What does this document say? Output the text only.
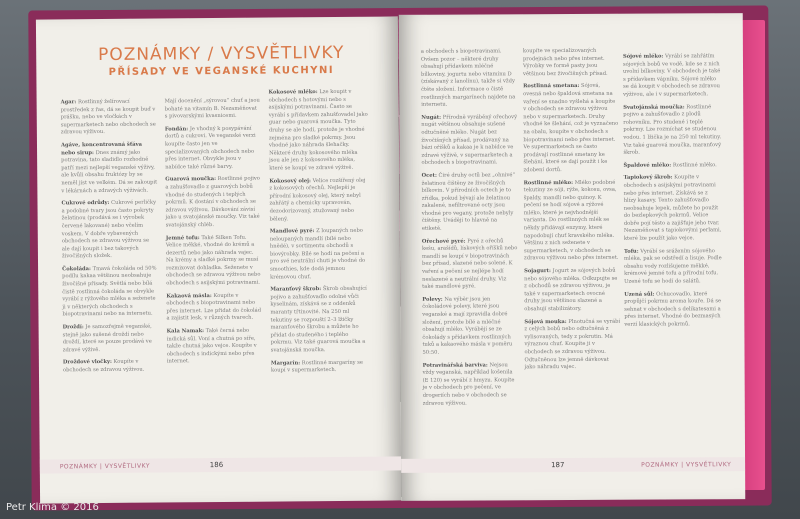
POZNÁMKY / VYSVĚTLIVKY
PŘÍSADY VE VEGANSKÉ KUCHYNI

Agar: Rostlinný želírovací prostředek z řas, dá se koupit buď v prášku, nebo ve vločkách v supermarketech nebo obchodech se zdravou výživou.

Agáve, koncentrovaná šťáva nebo sirup: Dnes známý jako potravina, tato sladidlo rozhodně patří mezi nejlepší veganské výživy, ale kvůli obsahu fruktózy by se neměl jíst ve velkém. Dá se zakoupit v lékárnách a zdravých výživách.

Cukrové odrůdy: Cukrové perličky a podobné tvary jsou často pokryty želatinou (prodává se i výrobek červené lakované) nebo včelím voskem. V dobře vybavených obchodech se zdravou výživou se ale dají koupit i bez takových živočišných složek.

Čokoláda: Tmavá čokoláda od 50% podílu kakaa většinou neobsahuje živočišné přísady. Světlá nebo bílá čistě rostlinná čokoláda se obvykle vyrábí z rýžového mléka a seženete ji v některých obchodech s biopotravinami nebo na internetu.

Droždí: Je samozřejmě veganské, stejně jako sušené droždí nebo droždí, které se pouze prodává ve zdravé výživě.

Droždové vločky: Koupíte v obchodech se zdravou výživou.

Mají docenění „sýrovou“ chuť a jsou bohaté na vitamín B. Nezaměňovat s pivovarskými kvasnicemi.

Fondán: Je vhodný k posypávání dortů a cukrovi. Ve veganské verzi koupíte často jen ve specializovaných obchodech nebo přes internet. Obvykle jsou v nabídce také různé barvy.

Guarová moučka: Rostlinné pojivo a zahušťovadlo z guarových bobů vhodné do studených i teplých pokrmů. K dostání v obchodech se zdravou výživou. Dávkování závisí jako u svatojánské moučky. Viz také svatojánský chléb.

Jemné tofu: Také Silken Tofu. Velice měkké, vhodné do krémů a dezertů nebo jako náhrada vajec. Na krémy a sladké pokrmy se musí rozmixovat dohladka. Seženete v obchodech se zdravou výživou nebo obchodech s asijskými potravinami.

Kakaová másla: Koupíte v obchodech s biopotravinami nebo přes internet. Lze přidat do čokolád a zajistit lesk, v různých tvarech.

Kala Namak: Také černá nebo indická sůl. Voní a chutná po síře, takže chutná jako vejce. Koupíte v obchodech s indickými nebo přes internet.

Kokosové mléko: Lze koupit v obchodech s hotovými nebo s asijskými potravinami. Často se vyrábí s přídavkem zahušťovadel jako guar nebo guarová moučka. Tyto druhy se ale hodí, protože je vhodné zejména pro sladké pokrmy. Jsou vhodné jako náhrada šlehačky. Některé druhy kokosového mléka jsou ale jen z kokosového mléka, které se koupí ve zdravé výživě.

Kokosový olej: Velice rozšířený olej z kokosových ořechů. Nejlepší je přírodní kokosový olej, který nebyl zahřátý a chemicky upravován, dezodorizovaný, ztužovaný nebo bělený.

Mandlové pyré: Z loupaných nebo neloupaných mandlí (bílé nebo hnědé), v sortimentu obchodů s biovýrobky. Bílé se hodí na pečení a pro své neutrální chuti je vhodné do smoothies, kde dodá jemnou krémovou chuť.

Maranťový škrob: Škrob obsahující pojivo a zahušťovadlo odolné vůči kyselinám, získává se z oddenků maranty třtinovité. Na 250 ml tekutiny se rozpouští 2–3 lžičky maranťového škrobu a můžete ho přidat do studeného i teplého pokrmu. Viz také guarová moučka a svatojánská moučka.

Margarín: Rostlinné margaríny se koupí v supermarketech.

POZNÁMKY | VYSVĚTLIVKY	186

a obchodech s biopotravinami. Ovšem pozor – některé druhy obsahují přídavkem mléčné bílkoviny, jogurtu nebo vitamínu D (získávaný z lanolínu), takže si vždy čtěte složení. Informace o čistě rostlinných margarínech najdete na internetu.

Nugát: Přírodně vyráběný ořechový nugát většinou obsahuje sušené odtučněné mléko. Nugát bez živočišných přísad, prodávaný na bázi oříšků a kakaa je k nabídce ve zdravé výživě, v supermarketech a obchodech s biopotravinami.

Ocet: Čiré druhy octů bez „ohnivé“ želatinou čištěny ze živočišných bílkovin. V přírodních octech je to zřídka, pokud bývají ale želatinou zakalené, nefiltrované octy jsou vhodné pro vegany, protože nebyly čištěny. Uvádějí to hlavně na etiketě.

Ořechové pyré: Pyré z ořechů kešu, arašídů, lískových oříšků nebo mandlí se koupí v biopotravinách bez přísad, slazené nebo solené. K vaření a pečení se nejlépe hodí neslazené a neutrální druhy. Viz také mandlové pyré.

Polevy: Na výběr jsou jen čokoládové polevy, které jsou veganské a mají zpravidla dobré složení, protože bílé a mléčné obsahují mléko. Vyrábějí se ze čokolády s přídavkem rostlinných tuků a kakaového másla v poměru 50:50.

Potravinářská barviva: Nejsou vždy veganská, například košenila (E 120) se vyrábí z hmyzu. Koupíte je v obchodech pro pečení, ve drogeriích nebo v obchodech se zdravou výživou.

koupíte ve specializovaných prodejnách nebo přes internet. Výrobky ve formě pasty jsou většinou bez živočišných přísad.

Rostlinná smetana: Sójová, ovesná nebo špaldová smetana na vaření se snadno vyšlehá a koupíte v obchodech se zdravou výživou nebo v supermarketech. Druhy vhodné ke šlehání, což je vyznačeno na obalu, koupíte v obchodech s biopotravinami nebo přes internet. Ve supermarketech se často prodávají rostlinné smetany ke šlehání, které se dají použít i ke zdobení dortů.

Rostlinné mléko: Mléko podobné tekutiny ze sóji, rýže, kokosu, ovsa, špaldy, mandlí nebo quinoy. K pečení se hodí sójové a rýžové mléko, které je nejvhodnější varianta. Do rostlinných mlék se někdy přidávají enzymy, které napodobují chuť kravského mléka. Většinu z nich seženete v supermarketech, v obchodech se zdravou výživou nebo přes internet.

Sojagurt: Jogurt ze sójových bobů nebo sójového mléka. Odkupujte se z obchodů se zdravou výživou, je také v supermarketech ovocné druhy jsou většinou slazené a obsahují stabilizátory.

Sójová mouka: Plnotučná se vyrábí z celých bobů nebo odtučněná z vylisovaných, tedy z pokrutin. Má výraznou chuť. Koupíte ji v obchodech se zdravou výživou. Odtučněnou lze jemně dávkovat jako náhradu vajec.

Sójové mléko: Vyrábí se zahřátím sójových bobů ve vodě, kde se z nich uvolní bílkoviny. V obchodech je také s přídavkem vápníku. Sójové mléko se dá koupit v obchodech se zdravou výživou, ale i v supermarketech.

Svatojánská moučka: Rostlinné pojivo a zahušťovadlo z plodů rohovníku. Pro studené i teplé pokrmy. Lze rozmíchat se studenou vodou. 1 lžička je na 250 ml tekutiny. Viz také guarová moučka, maranťový škrob.

Špaldové mléko: Rostlinné mléko.

Tapiokový škrob: Koupíte v obchodech s asijskými potravinami nebo přes internet. Získává se z hlízy kasavy. Tento zahušťovadlo neobsahuje lepek, můžete ho použít do bezlepkových pokrmů. Velice dobře pojí těsto a zajišťuje jeho tvar. Nezaměňovat s tapiokovými perlami, které lze použít jako vejce.

Tofu: Vyrábí se srážením sójového mléka, pak se odstředí a lisuje. Podle obsahu vody rozlišujeme měkké, krémové jemné tofu a přírodní tofu. Uzené tofu se hodí do salátů.

Uzená sůl: Ochucovadlo, které propůjčí pokrmu aroma kouře. Dá se sehnat v obchodech s delikatesami a přes internet. Vhodné do bezmasých verzí klasických pokrmů.

187	POZNÁMKY | VYSVĚTLIVKY
Petr Klíma © 2016
